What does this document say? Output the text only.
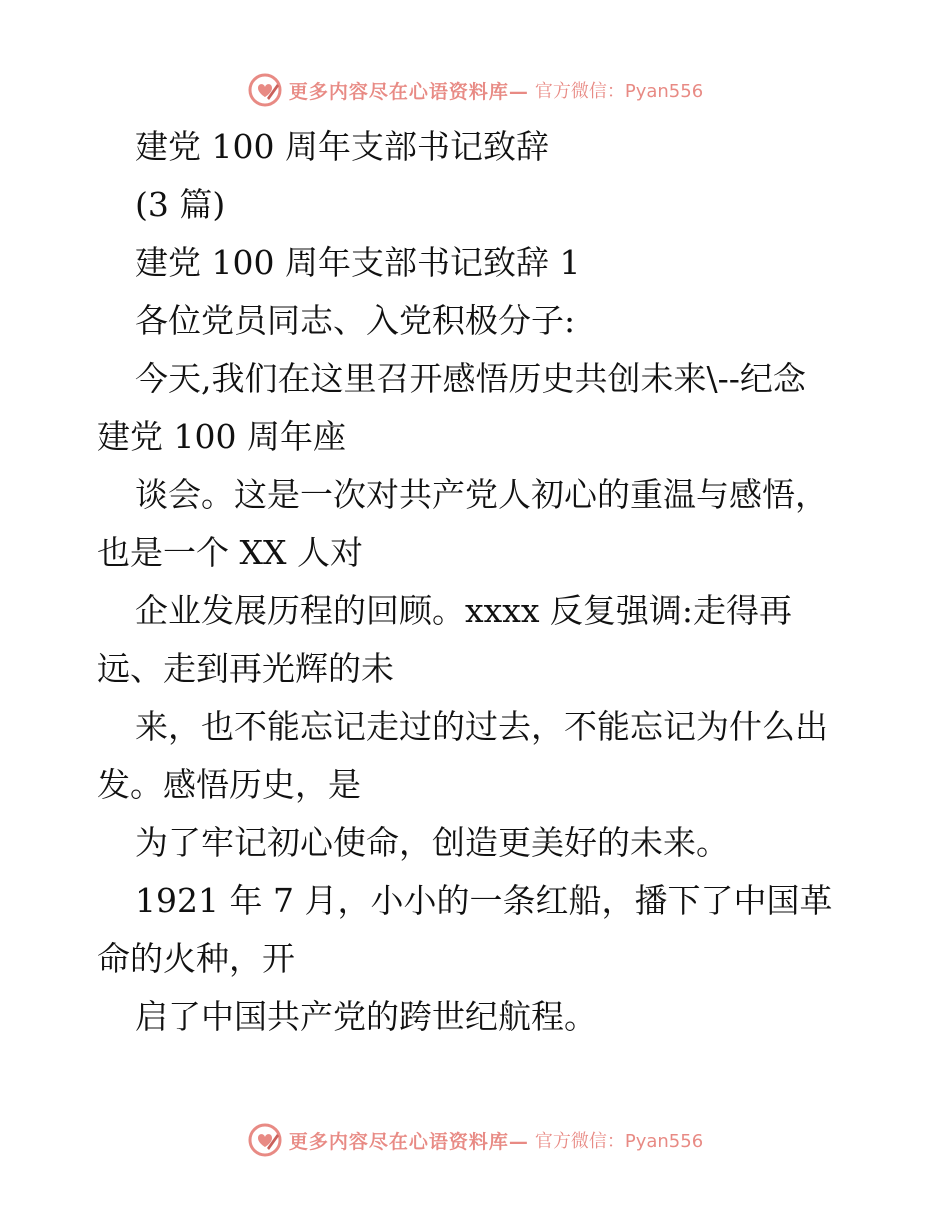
更多内容尽在心语资料库— 官方微信：Pyan556
建党 100 周年支部书记致辞
(3 篇)
建党 100 周年支部书记致辞 1
各位党员同志、入党积极分子:
今天,我们在这里召开感悟历史共创未来\--纪念
建党 100 周年座
谈会。这是一次对共产党人初心的重温与感悟，
也是一个 XX 人对
企业发展历程的回顾。xxxx 反复强调:走得再
远、走到再光辉的未
来，也不能忘记走过的过去，不能忘记为什么出
发。感悟历史，是
为了牢记初心使命，创造更美好的未来。
1921 年 7 月，小小的一条红船，播下了中国革
命的火种，开
启了中国共产党的跨世纪航程。
更多内容尽在心语资料库— 官方微信：Pyan556
